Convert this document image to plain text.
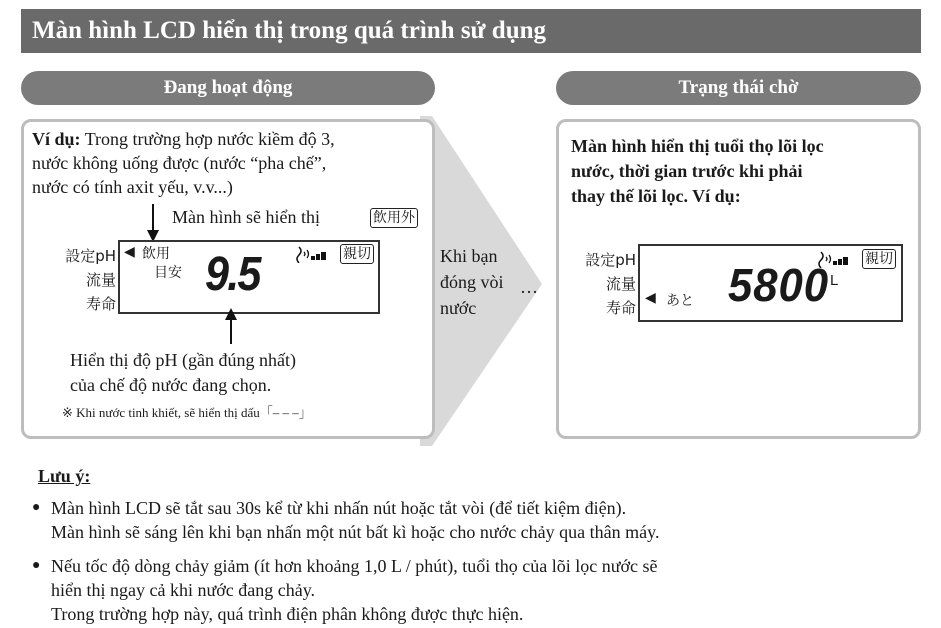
Màn hình LCD hiển thị trong quá trình sử dụng
Đang hoạt động	Trạng thái chờ
Ví dụ: Trong trường hợp nước kiềm độ 3,
nước không uống được (nước “pha chế”,
nước có tính axit yếu, v.v...)
Màn hình sẽ hiển thị	飲用外
設定pH
流量
寿命
◀ 飲用
目安 9.5	親切
Hiển thị độ pH (gần đúng nhất)
của chế độ nước đang chọn.
※ Khi nước tinh khiết, sẽ hiển thị dấu「‒ ‒ ‒」
Khi bạn
đóng vòi
nước
…
Màn hình hiển thị tuổi thọ lõi lọc
nước, thời gian trước khi phải
thay thế lõi lọc. Ví dụ:
設定pH
流量
寿命
◀ あと 5800 L
親切
Lưu ý:
● Màn hình LCD sẽ tắt sau 30s kể từ khi nhấn nút hoặc tắt vòi (để tiết kiệm điện).
Màn hình sẽ sáng lên khi bạn nhấn một nút bất kì hoặc cho nước chảy qua thân máy.
● Nếu tốc độ dòng chảy giảm (ít hơn khoảng 1,0 L / phút), tuổi thọ của lõi lọc nước sẽ
hiển thị ngay cả khi nước đang chảy.
Trong trường hợp này, quá trình điện phân không được thực hiện.
